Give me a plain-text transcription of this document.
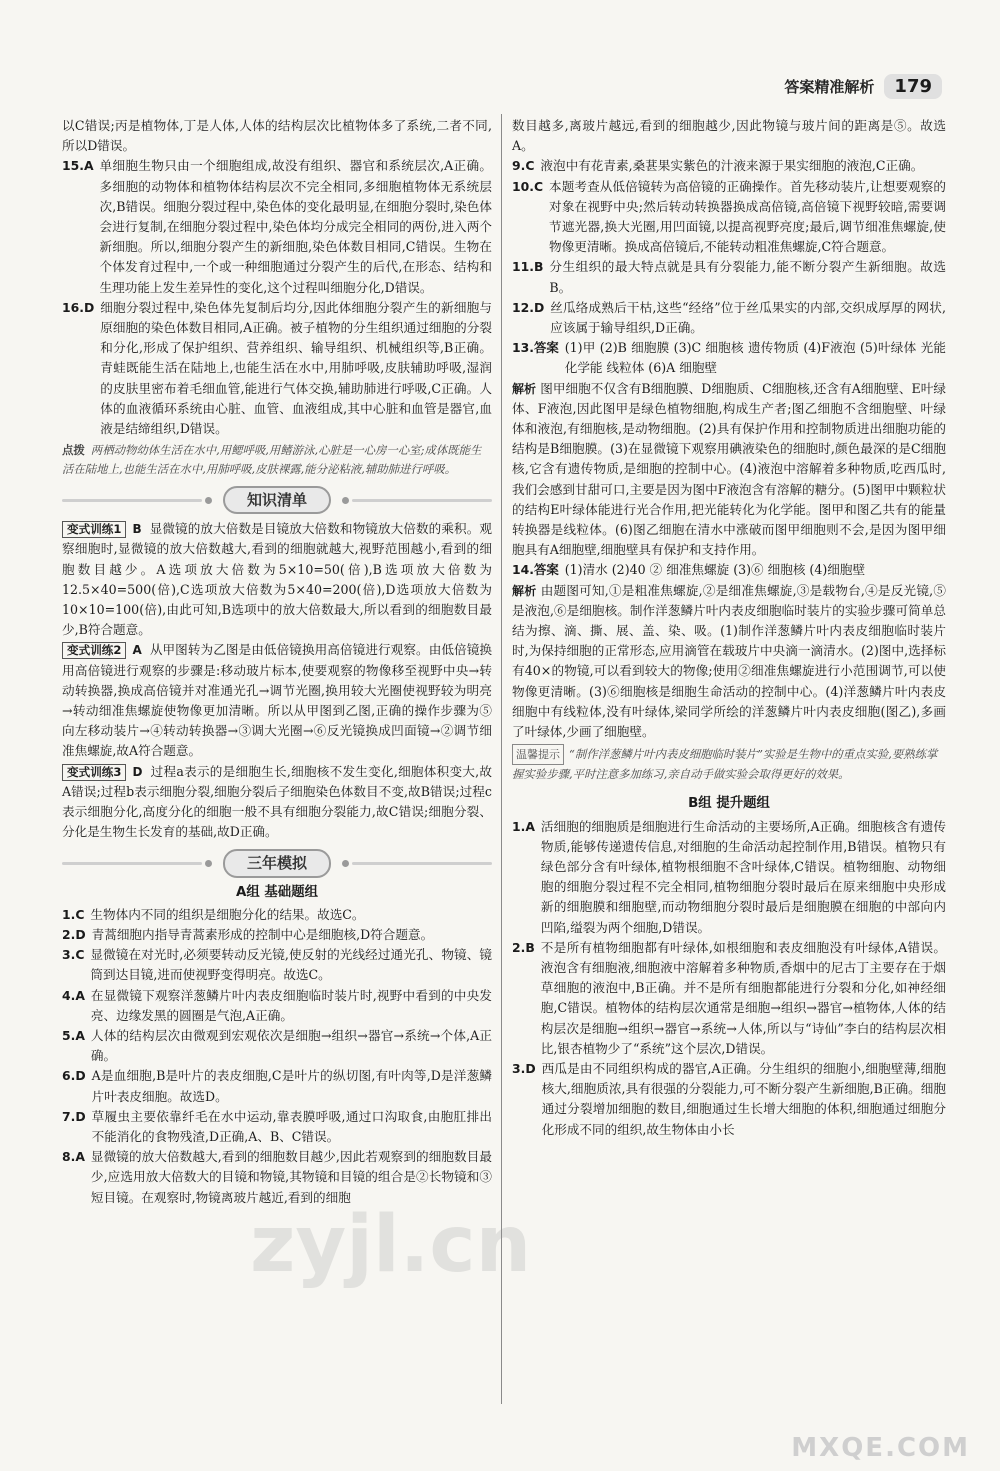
答案精准解析	179

以C错误;丙是植物体,丁是人体,人体的结构层次比植物体多了系统,二者不同,所以D错误。

15.A 单细胞生物只由一个细胞组成,故没有组织、器官和系统层次,A正确。多细胞的动物体和植物体结构层次不完全相同,多细胞植物体无系统层次,B错误。细胞分裂过程中,染色体的变化最明显,在细胞分裂时,染色体会进行复制,在细胞分裂过程中,染色体均分成完全相同的两份,进入两个新细胞。所以,细胞分裂产生的新细胞,染色体数目相同,C错误。生物在个体发育过程中,一个或一种细胞通过分裂产生的后代,在形态、结构和生理功能上发生差异性的变化,这个过程叫细胞分化,D错误。
16.D 细胞分裂过程中,染色体先复制后均分,因此体细胞分裂产生的新细胞与原细胞的染色体数目相同,A正确。被子植物的分生组织通过细胞的分裂和分化,形成了保护组织、营养组织、输导组织、机械组织等,B正确。青蛙既能生活在陆地上,也能生活在水中,用肺呼吸,皮肤辅助呼吸,湿润的皮肤里密布着毛细血管,能进行气体交换,辅助肺进行呼吸,C正确。人体的血液循环系统由心脏、血管、血液组成,其中心脏和血管是器官,血液是结缔组织,D错误。

点拨 两栖动物幼体生活在水中,用鳃呼吸,用鳍游泳,心脏是一心房一心室;成体既能生活在陆地上,也能生活在水中,用肺呼吸,皮肤裸露,能分泌粘液,辅助肺进行呼吸。

知识清单

变式训练1 B 显微镜的放大倍数是目镜放大倍数和物镜放大倍数的乘积。观察细胞时,显微镜的放大倍数越大,看到的细胞就越大,视野范围越小,看到的细胞数目越少。A选项放大倍数为5×10=50(倍),B选项放大倍数为12.5×40=500(倍),C选项放大倍数为5×40=200(倍),D选项放大倍数为10×10=100(倍),由此可知,B选项中的放大倍数最大,所以看到的细胞数目最少,B符合题意。

变式训练2 A 从甲图转为乙图是由低倍镜换用高倍镜进行观察。由低倍镜换用高倍镜进行观察的步骤是:移动玻片标本,使要观察的物像移至视野中央→转动转换器,换成高倍镜并对准通光孔→调节光圈,换用较大光圈使视野较为明亮→转动细准焦螺旋使物像更加清晰。所以从甲图到乙图,正确的操作步骤为⑤向左移动装片→④转动转换器→③调大光圈→⑥反光镜换成凹面镜→②调节细准焦螺旋,故A符合题意。

变式训练3 D 过程a表示的是细胞生长,细胞核不发生变化,细胞体积变大,故A错误;过程b表示细胞分裂,细胞分裂后子细胞染色体数目不变,故B错误;过程c表示细胞分化,高度分化的细胞一般不具有细胞分裂能力,故C错误;细胞分裂、分化是生物生长发育的基础,故D正确。

三年模拟
A组 基础题组
1.C 生物体内不同的组织是细胞分化的结果。故选C。
2.D 青蒿细胞内指导青蒿素形成的控制中心是细胞核,D符合题意。
3.C 显微镜在对光时,必须要转动反光镜,使反射的光线经过通光孔、物镜、镜筒到达目镜,进而使视野变得明亮。故选C。
4.A 在显微镜下观察洋葱鳞片叶内表皮细胞临时装片时,视野中看到的中央发亮、边缘发黑的圆圈是气泡,A正确。
5.A 人体的结构层次由微观到宏观依次是细胞→组织→器官→系统→个体,A正确。
6.D A是血细胞,B是叶片的表皮细胞,C是叶片的纵切图,有叶肉等,D是洋葱鳞片叶表皮细胞。故选D。
7.D 草履虫主要依靠纤毛在水中运动,靠表膜呼吸,通过口沟取食,由胞肛排出不能消化的食物残渣,D正确,A、B、C错误。
8.A 显微镜的放大倍数越大,看到的细胞数目越少,因此若观察到的细胞数目最少,应选用放大倍数大的目镜和物镜,其物镜和目镜的组合是②长物镜和③短目镜。在观察时,物镜离玻片越近,看到的细胞

数目越多,离玻片越远,看到的细胞越少,因此物镜与玻片间的距离是⑤。故选A。

9.C 液泡中有花青素,桑葚果实紫色的汁液来源于果实细胞的液泡,C正确。
10.C 本题考查从低倍镜转为高倍镜的正确操作。首先移动装片,让想要观察的对象在视野中央;然后转动转换器换成高倍镜,高倍镜下视野较暗,需要调节遮光器,换大光圈,用凹面镜,以提高视野亮度;最后,调节细准焦螺旋,使物像更清晰。换成高倍镜后,不能转动粗准焦螺旋,C符合题意。
11.B 分生组织的最大特点就是具有分裂能力,能不断分裂产生新细胞。故选B。
12.D 丝瓜络成熟后干枯,这些“经络”位于丝瓜果实的内部,交织成厚厚的网状,应该属于输导组织,D正确。
13.答案 (1)甲 (2)B 细胞膜 (3)C 细胞核 遗传物质 (4)F液泡 (5)叶绿体 光能 化学能 线粒体 (6)A 细胞壁

解析 图甲细胞不仅含有B细胞膜、D细胞质、C细胞核,还含有A细胞壁、E叶绿体、F液泡,因此图甲是绿色植物细胞,构成生产者;图乙细胞不含细胞壁、叶绿体和液泡,有细胞核,是动物细胞。(2)具有保护作用和控制物质进出细胞功能的结构是B细胞膜。(3)在显微镜下观察用碘液染色的细胞时,颜色最深的是C细胞核,它含有遗传物质,是细胞的控制中心。(4)液泡中溶解着多种物质,吃西瓜时,我们会感到甘甜可口,主要是因为图中F液泡含有溶解的糖分。(5)图甲中颗粒状的结构E叶绿体能进行光合作用,把光能转化为化学能。图甲和图乙共有的能量转换器是线粒体。(6)图乙细胞在清水中涨破而图甲细胞则不会,是因为图甲细胞具有A细胞壁,细胞壁具有保护和支持作用。

14.答案 (1)清水 (2)40 ② 细准焦螺旋 (3)⑥ 细胞核 (4)细胞壁

解析 由题图可知,①是粗准焦螺旋,②是细准焦螺旋,③是载物台,④是反光镜,⑤是液泡,⑥是细胞核。制作洋葱鳞片叶内表皮细胞临时装片的实验步骤可简单总结为擦、滴、撕、展、盖、染、吸。(1)制作洋葱鳞片叶内表皮细胞临时装片时,为保持细胞的正常形态,应用滴管在载玻片中央滴一滴清水。(2)图中,选择标有40×的物镜,可以看到较大的物像;使用②细准焦螺旋进行小范围调节,可以使物像更清晰。(3)⑥细胞核是细胞生命活动的控制中心。(4)洋葱鳞片叶内表皮细胞中有线粒体,没有叶绿体,梁同学所绘的洋葱鳞片叶内表皮细胞(图乙),多画了叶绿体,少画了细胞壁。

温馨提示 “制作洋葱鳞片叶内表皮细胞临时装片”实验是生物中的重点实验,要熟练掌握实验步骤,平时注意多加练习,亲自动手做实验会取得更好的效果。

B组 提升题组
1.A 活细胞的细胞质是细胞进行生命活动的主要场所,A正确。细胞核含有遗传物质,能够传递遗传信息,对细胞的生命活动起控制作用,B错误。植物只有绿色部分含有叶绿体,植物根细胞不含叶绿体,C错误。植物细胞、动物细胞的细胞分裂过程不完全相同,植物细胞分裂时最后在原来细胞中央形成新的细胞膜和细胞壁,而动物细胞分裂时最后是细胞膜在细胞的中部向内凹陷,缢裂为两个细胞,D错误。
2.B 不是所有植物细胞都有叶绿体,如根细胞和表皮细胞没有叶绿体,A错误。液泡含有细胞液,细胞液中溶解着多种物质,香烟中的尼古丁主要存在于烟草细胞的液泡中,B正确。并不是所有细胞都能进行分裂和分化,如神经细胞,C错误。植物体的结构层次通常是细胞→组织→器官→植物体,人体的结构层次是细胞→组织→器官→系统→人体,所以与“诗仙”李白的结构层次相比,银杏植物少了“系统”这个层次,D错误。
3.D 西瓜是由不同组织构成的器官,A正确。分生组织的细胞小,细胞壁薄,细胞核大,细胞质浓,具有很强的分裂能力,可不断分裂产生新细胞,B正确。细胞通过分裂增加细胞的数目,细胞通过生长增大细胞的体积,细胞通过细胞分化形成不同的组织,故生物体由小长
zyjl.cn
MXQE.COM
